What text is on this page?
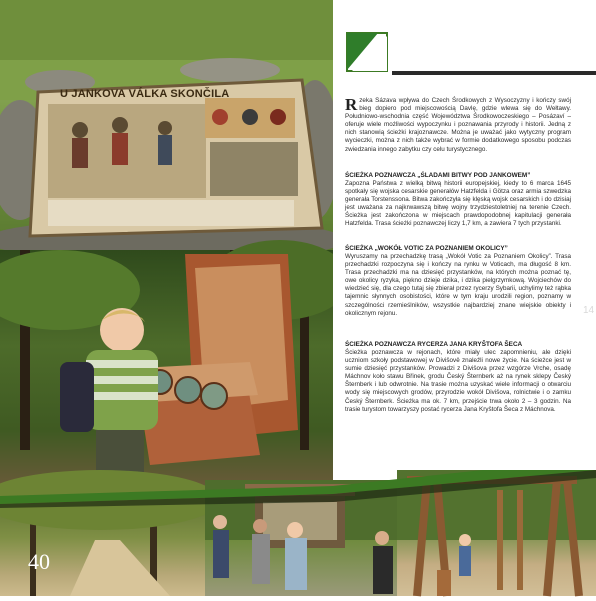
U JANKOVA VÁLKA SKONČILA
Rzeka Sázava wpływa do Czech Środkowych z Wysoczyzny i kończy swój bieg dopiero pod miejscowością Davlę, gdzie wlewa się do Wełtawy. Południowo-wschodnia część Województwa Środkowoczeskiego – Posázaví – oferuje wiele możliwości wypoczynku i poznawania przyrody i historii. Jedną z nich stanowią ścieżki krajoznawcze. Można je uważać jako wytyczny program wycieczki, można z nich także wybrać w formie dodatkowego sposobu podczas zwiedzania innego zabytku czy celu turystycznego.
ŚCIEŻKA POZNAWCZA „ŚLADAMI BITWY POD JANKOWEM”
Zapozna Państwa z wielką bitwą historii europejskiej, kiedy to 6 marca 1645 spotkały się wojska cesarskie generałów Hatzfelda i Götza oraz armia szwedzka generała Torstenssona. Bitwa zakończyła się klęską wojsk cesarskich i do dzisiaj jest uważana za najkrwawszą bitwę wojny trzydziestoletniej na terenie Czech. Ścieżka jest zakończona w miejscach prawdopodobnej kapitulacji generała Hatzfelda. Trasa ścieżki poznawczej liczy 1,7 km, a zawiera 7 tych przystanki.
ŚCIEŻKA „WOKÓŁ VOTIC ZA POZNANIEM OKOLICY”
Wyruszamy na przechadzkę trasą „Wokół Votic za Poznaniem Okolicy”. Trasa przechadzki rozpoczyna się i kończy na rynku w Voticach, ma długość 8 km. Trasa przechadzki ma na dziesięć przystanków, na których można poznać tę, owe okolicy ryzyka, piękno dzieje dzika, i dzika pielgrzymkową. Wojciechów do wiedzieć się, dla czego tutaj się zbierał przez rycerzy Sybarii, uchylimy też rąbka tajemnic słynnych osobistości, które w tym kraju urodzili region, poznamy w szczególności rzemieślników, wszystkie najbardziej znane wiejskie obiekty i okolicznym rejonu.
ŚCIEŻKA POZNAWCZA RYCERZA JANA KRYŠTOFA ŠECA
Ścieżka poznawcza w rejonach, które miały ulec zapomnieniu, ale dzięki uczniom szkoły podstawowej w Divišově znaleźli nowe życie. Na ścieżce jest w sumie dziesięć przystanków. Prowadzi z Divišova przez wzgórze Vrche, osadę Máchnov koło stawu Břinek, grodu Český Šternberk aż na rynek sklepy Český Šternberk i lub odwrotnie. Na trasie można uzyskać wiele informacji o otwarciu wody się miejscowych grodów, przyrodzie wokół Divišova, rolnictwie i o zamku Český Šternberk. Ścieżka ma ok. 7 km, przejście trwa około 2 – 3 godzin. Na trasie turystom towarzyszy postać rycerza Jana Kryštofa Šeca z Máchnova.
14
40
